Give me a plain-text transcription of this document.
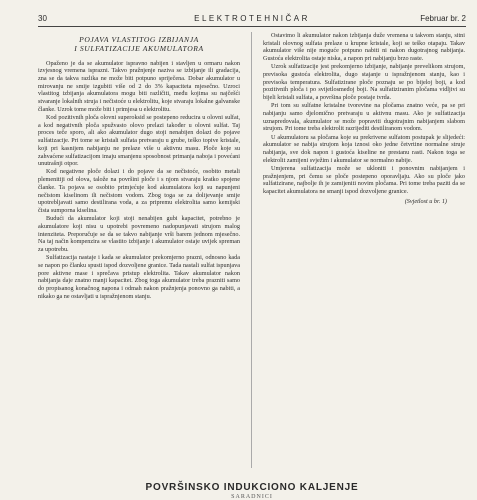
30	ELEKTROTEHNIČAR	Februar br. 2
POJAVA VLASTITOG IZBIJANJA
I SULFATIZACIJE AKUMULATORA

Opaženo je da se akumulator ispravno nabijen i stavljen u ormaru nakon izvjesnog vremena isprazni. Takvo pražnjenje naziva se izbijanje ili gradacija, zna se da takva razlika ne može biti potpuno spriječena. Dobar akumulator u mirovanju ne smije izgubiti više od 2 do 3% kapaciteta mjesečno. Uzroci vlastitog izbijanja akumulatora mogu biti različiti, među kojima su najčešći stvaranje lokalnih struja i nečistoće u elektrolitu, koje stvaraju lokalne galvanske članke. Uzrok tome može biti i primjesa u elektrolitu.

Kod pozitivnih ploča olovni superoksid se postepeno reducira u olovni sulfat, a kod negativnih ploča spužvasto olovo prelazi također u olovni sulfat. Taj proces teče sporo, ali ako akumulator dugo stoji nenabijen dolazi do pojave sulfatizacije. Pri tome se kristali sulfata pretvaraju u grube, teško topive kristale, koji pri kasnijem nabijanju ne prelaze više u aktivnu masu. Ploče koje su zahvaćene sulfatizacijom imaju smanjenu sposobnost primanja naboja i povećani unutrašnji otpor.

Kod negativne ploče dolazi i do pojave da se nečistoće, osobito metali plemenitiji od olova, talože na površini ploče i s njom stvaraju kratko spojene članke. Ta pojava se osobito primjećuje kod akumulatora koji su napunjeni nečistom kiselinom ili nečistom vodom. Zbog toga se za dolijevanje smije upotrebljavati samo destilirana voda, a za pripremu elektrolita samo kemijski čista sumporna kiselina.

Budući da akumulator koji stoji nenabijen gubi kapacitet, potrebno je akumulatore koji nisu u upotrebi povremeno nadopunjavati strujom malog intenziteta. Preporučuje se da se takvo nabijanje vrši barem jednom mjesečno. Na taj način kompenzira se vlastito izbijanje i akumulator ostaje uvijek spreman za upotrebu.

Sulfatizacija nastaje i kada se akumulator prekomjerno prazni, odnosno kada se napon po članku spusti ispod dozvoljene granice. Tada nastali sulfat ispunjava pore aktivne mase i sprečava pristup elektrolita. Takav akumulator nakon nabijanja daje znatno manji kapacitet. Zbog toga akumulator treba prazniti samo do propisanog konačnog napona i odmah nakon pražnjenja ponovno ga nabiti, a nikako ga ne ostavljati u ispražnjenom stanju.

Ostavimo li akumulator nakon izbijanja duže vremena u takvom stanju, sitni kristali olovnog sulfata prelaze u krupne kristale, koji se teško otapaju. Takav akumulator više nije moguće potpuno nabiti ni nakon dugotrajnog nabijanja. Gustoća elektrolita ostaje niska, a napon pri nabijanju brzo raste.

Uzrok sulfatizacije jest prekomjerno izbijanje, nabijanje prevelikom strujom, previsoka gustoća elektrolita, dugo stajanje u ispražnjenom stanju, kao i previsoka temperatura. Sulfatizirane ploče poznaju se po bijeloj boji, a kod pozitivnih ploča i po svijetlosmeđoj boji. Na sulfatiziranim pločama vidljivi su bijeli kristali sulfata, a površina ploče postaje tvrda.

Pri tom su sulfatne kristalne tvorevine na pločama znatno veće, pa se pri nabijanju samo djelomično pretvaraju u aktivnu masu. Ako je sulfatizacija uznapredovala, akumulator se može popraviti dugotrajnim nabijanjem slabom strujom. Pri tome treba elektrolit razrijediti destiliranom vodom.

U akumulatoru sa pločama koje su prekrivene sulfatom postupak je slijedeći: akumulator se nabija strujom koja iznosi oko jedne četvrtine normalne struje nabijanja, sve dok napon i gustoća kiseline ne prestanu rasti. Nakon toga se elektrolit zamijeni svježim i akumulator se normalno nabije.

Umjerena sulfatizacija može se ukloniti i ponovnim nabijanjem i pražnjenjem, pri čemu se ploče postepeno oporavljaju. Ako su ploče jako sulfatizirane, najbolje ih je zamijeniti novim pločama. Pri tome treba paziti da se kapacitet akumulatora ne smanji ispod dozvoljene granice.

(Svjetlost u br. 1)
POVRŠINSKO INDUKCIONO KALJENJE
SARADNICI
